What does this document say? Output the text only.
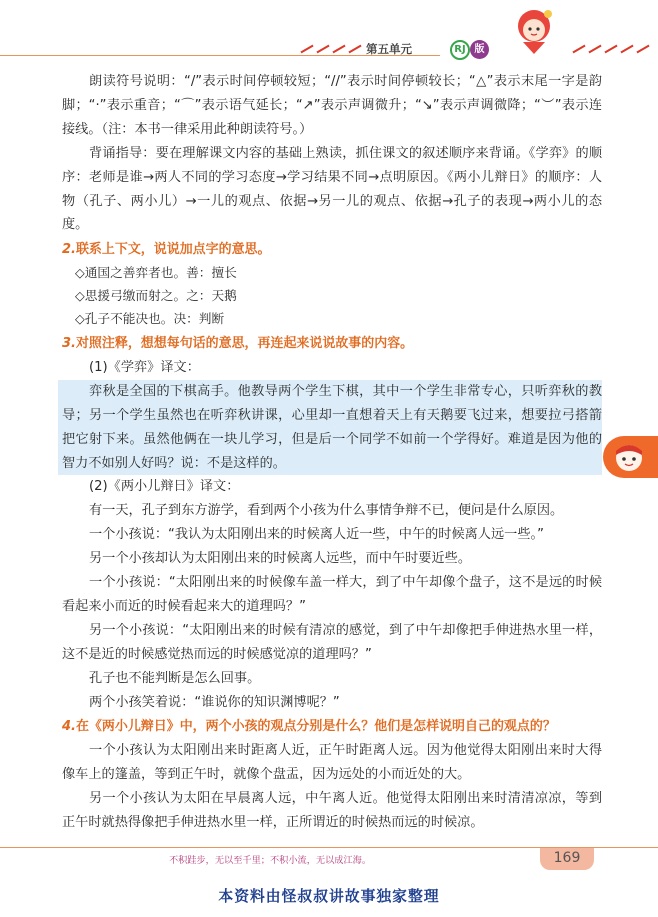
第五单元	RJ 版

朗读符号说明：“/”表示时间停顿较短；“//”表示时间停顿较长；“△”表示末尾一字是韵脚；“·”表示重音；“⌒”表示语气延长；“↗”表示声调微升；“↘”表示声调微降；“︶”表示连接线。（注：本书一律采用此种朗读符号。）

背诵指导：要在理解课文内容的基础上熟读，抓住课文的叙述顺序来背诵。《学弈》的顺序：老师是谁→两人不同的学习态度→学习结果不同→点明原因。《两小儿辩日》的顺序：人物（孔子、两小儿）→一儿的观点、依据→另一儿的观点、依据→孔子的表现→两小儿的态度。

2.联系上下文，说说加点字的意思。
◇通国之善弈者也。善：擅长
◇思援弓缴而射之。之：天鹅
◇孔子不能决也。决：判断
3.对照注释，想想每句话的意思，再连起来说说故事的内容。

(1)《学弈》译文：

弈秋是全国的下棋高手。他教导两个学生下棋，其中一个学生非常专心，只听弈秋的教导；另一个学生虽然也在听弈秋讲课，心里却一直想着天上有天鹅要飞过来，想要拉弓搭箭把它射下来。虽然他俩在一块儿学习，但是后一个同学不如前一个学得好。难道是因为他的智力不如别人好吗？说：不是这样的。

(2)《两小儿辩日》译文：

有一天，孔子到东方游学，看到两个小孩为什么事情争辩不已，便问是什么原因。

一个小孩说：“我认为太阳刚出来的时候离人近一些，中午的时候离人远一些。”

另一个小孩却认为太阳刚出来的时候离人远些，而中午时要近些。

一个小孩说：“太阳刚出来的时候像车盖一样大，到了中午却像个盘子，这不是远的时候看起来小而近的时候看起来大的道理吗？”

另一个小孩说：“太阳刚出来的时候有清凉的感觉，到了中午却像把手伸进热水里一样，这不是近的时候感觉热而远的时候感觉凉的道理吗？”

孔子也不能判断是怎么回事。

两个小孩笑着说：“谁说你的知识渊博呢？”

4.在《两小儿辩日》中，两个小孩的观点分别是什么？他们是怎样说明自己的观点的？

一个小孩认为太阳刚出来时距离人近，正午时距离人远。因为他觉得太阳刚出来时大得像车上的篷盖，等到正午时，就像个盘盂，因为远处的小而近处的大。

另一个小孩认为太阳在早晨离人远，中午离人近。他觉得太阳刚出来时清清凉凉，等到正午时就热得像把手伸进热水里一样，正所谓近的时候热而远的时候凉。

不积跬步，无以至千里；不积小流，无以成江海。	169
本资料由怪叔叔讲故事独家整理
